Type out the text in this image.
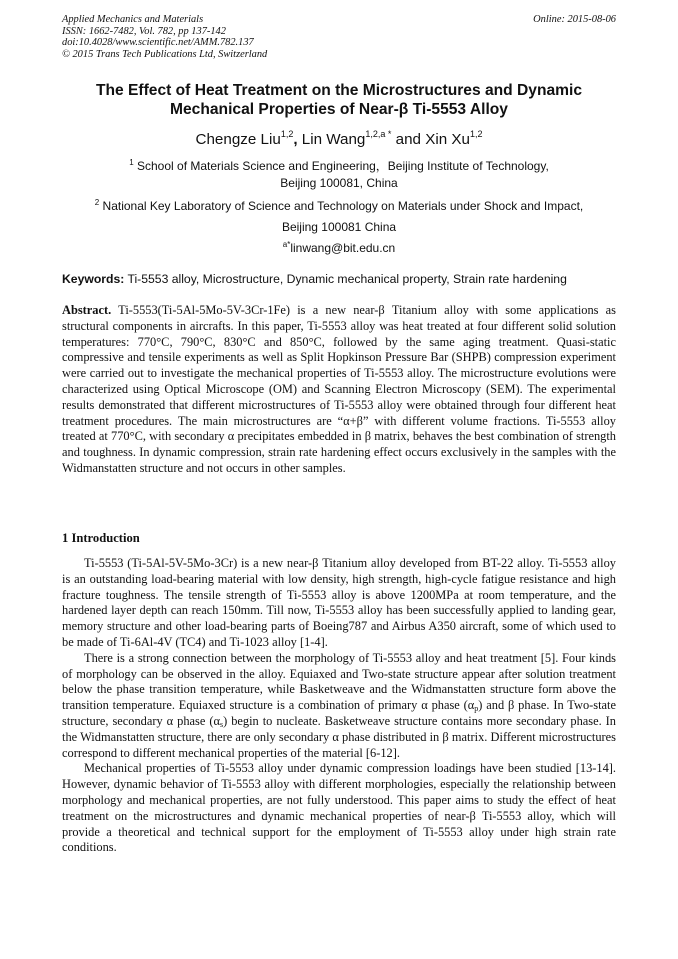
Applied Mechanics and Materials
ISSN: 1662-7482, Vol. 782, pp 137-142
doi:10.4028/www.scientific.net/AMM.782.137
© 2015 Trans Tech Publications Ltd, Switzerland
Online: 2015-08-06
The Effect of Heat Treatment on the Microstructures and Dynamic
Mechanical Properties of Near-β Ti-5553 Alloy
Chengze Liu$^{1,2}$, Lin Wang$^{1,2,a *}$ and Xin Xu$^{1,2}$
$^1$ School of Materials Science and Engineering，Beijing Institute of Technology,
Beijing 100081, China
$^2$ National Key Laboratory of Science and Technology on Materials under Shock and Impact,
Beijing 100081 China
$^{a*}$linwang@bit.edu.cn
Keywords: Ti-5553 alloy, Microstructure, Dynamic mechanical property, Strain rate hardening
Abstract. Ti-5553(Ti-5Al-5Mo-5V-3Cr-1Fe) is a new near-β Titanium alloy with some applications as structural components in aircrafts. In this paper, Ti-5553 alloy was heat treated at four different solid solution temperatures: 770°C, 790°C, 830°C and 850°C, followed by the same aging treatment. Quasi-static compressive and tensile experiments as well as Split Hopkinson Pressure Bar (SHPB) compression experiment were carried out to investigate the mechanical properties of Ti-5553 alloy. The microstructure evolutions were characterized using Optical Microscope (OM) and Scanning Electron Microscopy (SEM). The experimental results demonstrated that different microstructures of Ti-5553 alloy were obtained through four different heat treatment procedures. The main microstructures are “α+β” with different volume fractions. Ti-5553 alloy treated at 770°C, with secondary α precipitates embedded in β matrix, behaves the best combination of strength and toughness. In dynamic compression, strain rate hardening effect occurs exclusively in the samples with the Widmanstatten structure and not occurs in other samples.
1 Introduction

Ti-5553 (Ti-5Al-5V-5Mo-3Cr) is a new near-β Titanium alloy developed from BT-22 alloy. Ti-5553 alloy is an outstanding load-bearing material with low density, high strength, high-cycle fatigue resistance and high fracture toughness. The tensile strength of Ti-5553 alloy is above 1200MPa at room temperature, and the hardened layer depth can reach 150mm. Till now, Ti-5553 alloy has been successfully applied to landing gear, memory structure and other load-bearing parts of Boeing787 and Airbus A350 aircraft, some of which used to be made of Ti-6Al-4V (TC4) and Ti-1023 alloy [1-4].

There is a strong connection between the morphology of Ti-5553 alloy and heat treatment [5]. Four kinds of morphology can be observed in the alloy. Equiaxed and Two-state structure appear after solution treatment below the phase transition temperature, while Basketweave and the Widmanstatten structure form above the transition temperature. Equiaxed structure is a combination of primary α phase $(\alpha_p)$ and β phase. In Two-state structure, secondary α phase $(\alpha_s)$ begin to nucleate. Basketweave structure contains more secondary phase. In the Widmanstatten structure, there are only secondary α phase distributed in β matrix. Different microstructures correspond to different mechanical properties of the material [6-12].

Mechanical properties of Ti-5553 alloy under dynamic compression loadings have been studied [13-14]. However, dynamic behavior of Ti-5553 alloy with different morphologies, especially the relationship between morphology and mechanical properties, are not fully understood. This paper aims to study the effect of heat treatment on the microstructures and dynamic mechanical properties of near-β Ti-5553 alloy, which will provide a theoretical and technical support for the employment of Ti-5553 alloy under high strain rate conditions.
